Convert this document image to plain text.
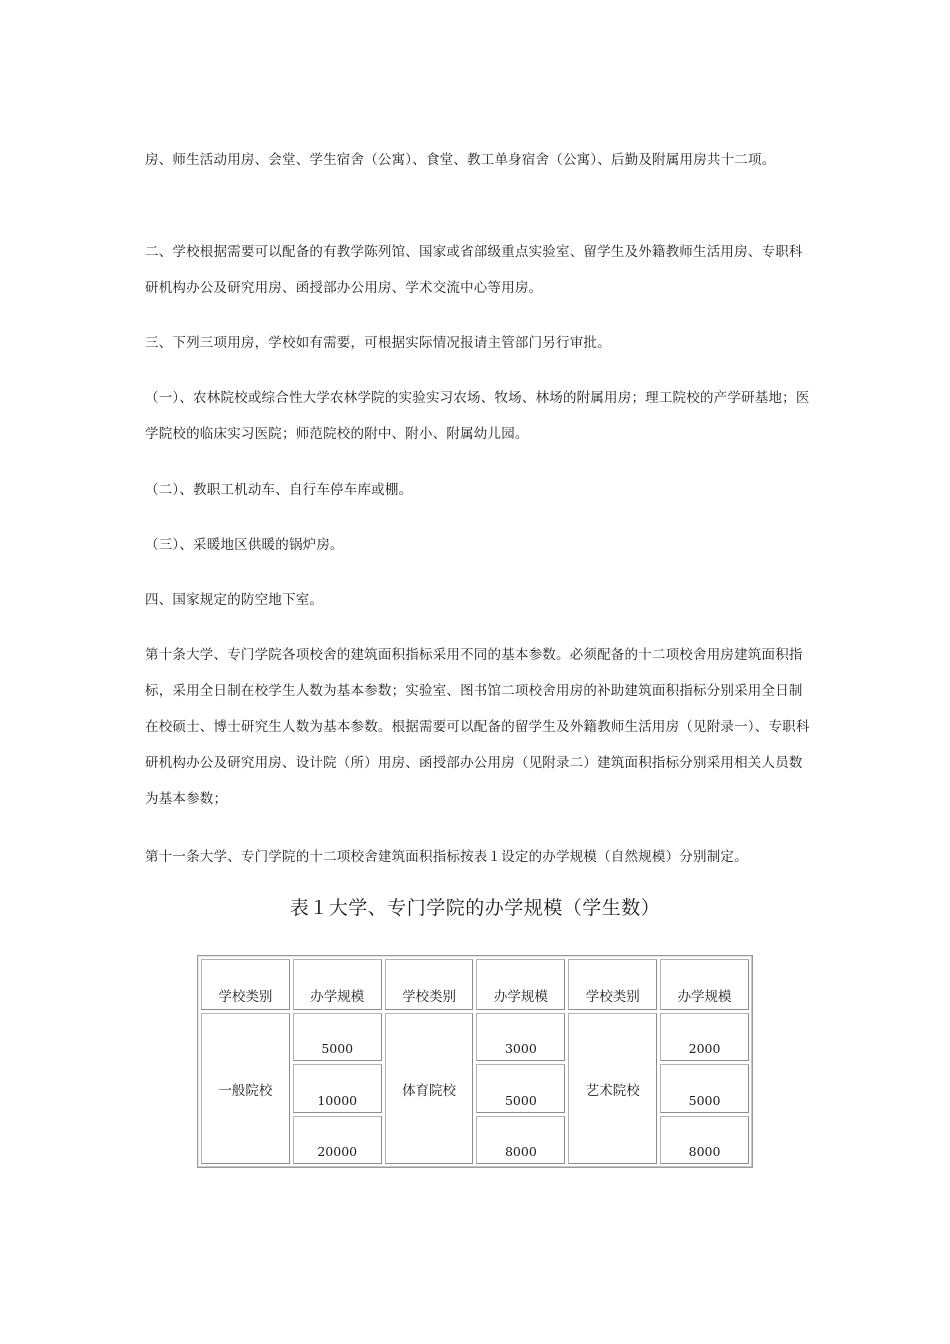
房、师生活动用房、会堂、学生宿舍（公寓）、食堂、教工单身宿舍（公寓）、后勤及附属用房共十二项。

二、学校根据需要可以配备的有教学陈列馆、国家或省部级重点实验室、留学生及外籍教师生活用房、专职科研机构办公及研究用房、函授部办公用房、学术交流中心等用房。

三、下列三项用房，学校如有需要，可根据实际情况报请主管部门另行审批。

（一）、农林院校或综合性大学农林学院的实验实习农场、牧场、林场的附属用房；理工院校的产学研基地；医学院校的临床实习医院；师范院校的附中、附小、附属幼儿园。

（二）、教职工机动车、自行车停车库或棚。

（三）、采暖地区供暖的锅炉房。

四、国家规定的防空地下室。

第十条大学、专门学院各项校舍的建筑面积指标采用不同的基本参数。必须配备的十二项校舍用房建筑面积指标，采用全日制在校学生人数为基本参数；实验室、图书馆二项校舍用房的补助建筑面积指标分别采用全日制在校硕士、博士研究生人数为基本参数。根据需要可以配备的留学生及外籍教师生活用房（见附录一）、专职科研机构办公及研究用房、设计院（所）用房、函授部办公用房（见附录二）建筑面积指标分别采用相关人员数为基本参数；

第十一条大学、专门学院的十二项校舍建筑面积指标按表１设定的办学规模（自然规模）分别制定。

表１大学、专门学院的办学规模（学生数）
学校类别	办学规模	学校类别	办学规模	学校类别	办学规模
一般院校	5000	体育院校	3000	艺术院校	2000
	10000		5000		5000
	20000		8000		8000
